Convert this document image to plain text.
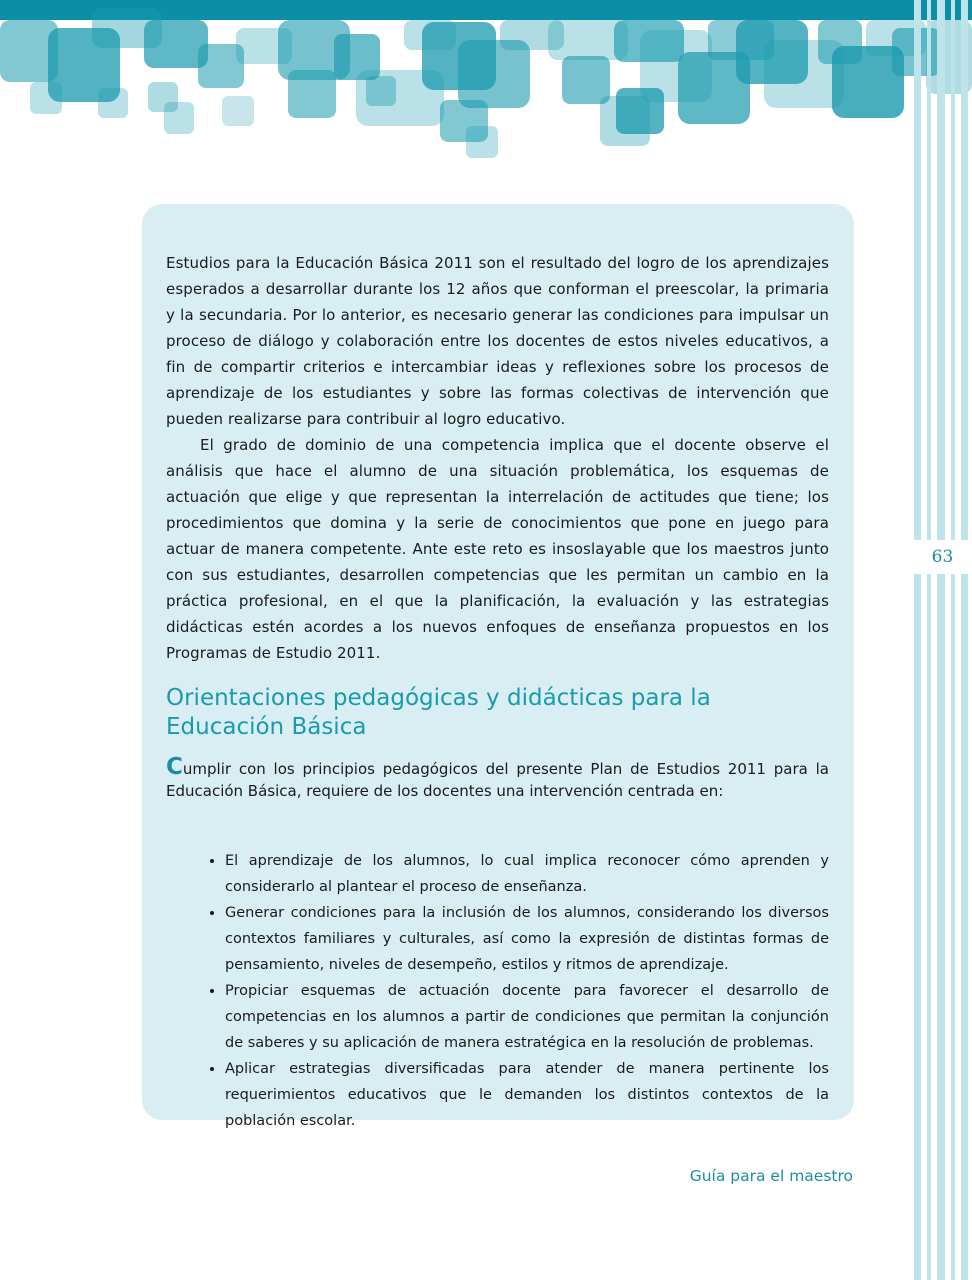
63

Estudios para la Educación Básica 2011 son el resultado del logro de los aprendizajes esperados a desarrollar durante los 12 años que conforman el preescolar, la primaria y la secundaria. Por lo anterior, es necesario generar las condiciones para impulsar un proceso de diálogo y colaboración entre los docentes de estos niveles educativos, a fin de compartir criterios e intercambiar ideas y reflexiones sobre los procesos de aprendizaje de los estudiantes y sobre las formas colectivas de intervención que pueden realizarse para contribuir al logro educativo.

El grado de dominio de una competencia implica que el docente observe el análisis que hace el alumno de una situación problemática, los esquemas de actuación que elige y que representan la interrelación de actitudes que tiene; los procedimientos que domina y la serie de conocimientos que pone en juego para actuar de manera competente. Ante este reto es insoslayable que los maestros junto con sus estudiantes, desarrollen competencias que les permitan un cambio en la práctica profesional, en el que la planificación, la evaluación y las estrategias didácticas estén acordes a los nuevos enfoques de enseñanza propuestos en los Programas de Estudio 2011.

Orientaciones pedagógicas y didácticas para la Educación Básica

Cumplir con los principios pedagógicos del presente Plan de Estudios 2011 para la Educación Básica, requiere de los docentes una intervención centrada en:

• El aprendizaje de los alumnos, lo cual implica reconocer cómo aprenden y considerarlo al plantear el proceso de enseñanza.
• Generar condiciones para la inclusión de los alumnos, considerando los diversos contextos familiares y culturales, así como la expresión de distintas formas de pensamiento, niveles de desempeño, estilos y ritmos de aprendizaje.
• Propiciar esquemas de actuación docente para favorecer el desarrollo de competencias en los alumnos a partir de condiciones que permitan la conjunción de saberes y su aplicación de manera estratégica en la resolución de problemas.
• Aplicar estrategias diversificadas para atender de manera pertinente los requerimientos educativos que le demanden los distintos contextos de la población escolar.
Guía para el maestro
